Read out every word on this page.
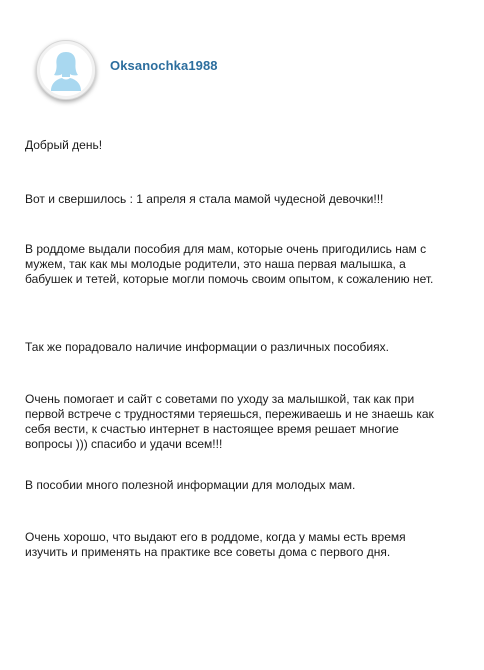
Oksanochka1988

Добрый день!

Вот и свершилось : 1 апреля я стала мамой чудесной девочки!!!

В роддоме выдали пособия для мам, которые очень пригодились нам с мужем, так как мы молодые родители, это наша первая малышка, а бабушек и тетей, которые могли помочь своим опытом, к сожалению нет.

Так же порадовало наличие информации о различных пособиях.

Очень помогает и сайт с советами по уходу за малышкой, так как при первой встрече с трудностями теряешься, переживаешь и не знаешь как себя вести, к счастью интернет в настоящее время решает многие вопросы ))) спасибо и удачи всем!!!

В пособии много полезной информации для молодых мам.

Очень хорошо, что выдают его в роддоме, когда у мамы есть время изучить и применять на практике все советы дома с первого дня.
